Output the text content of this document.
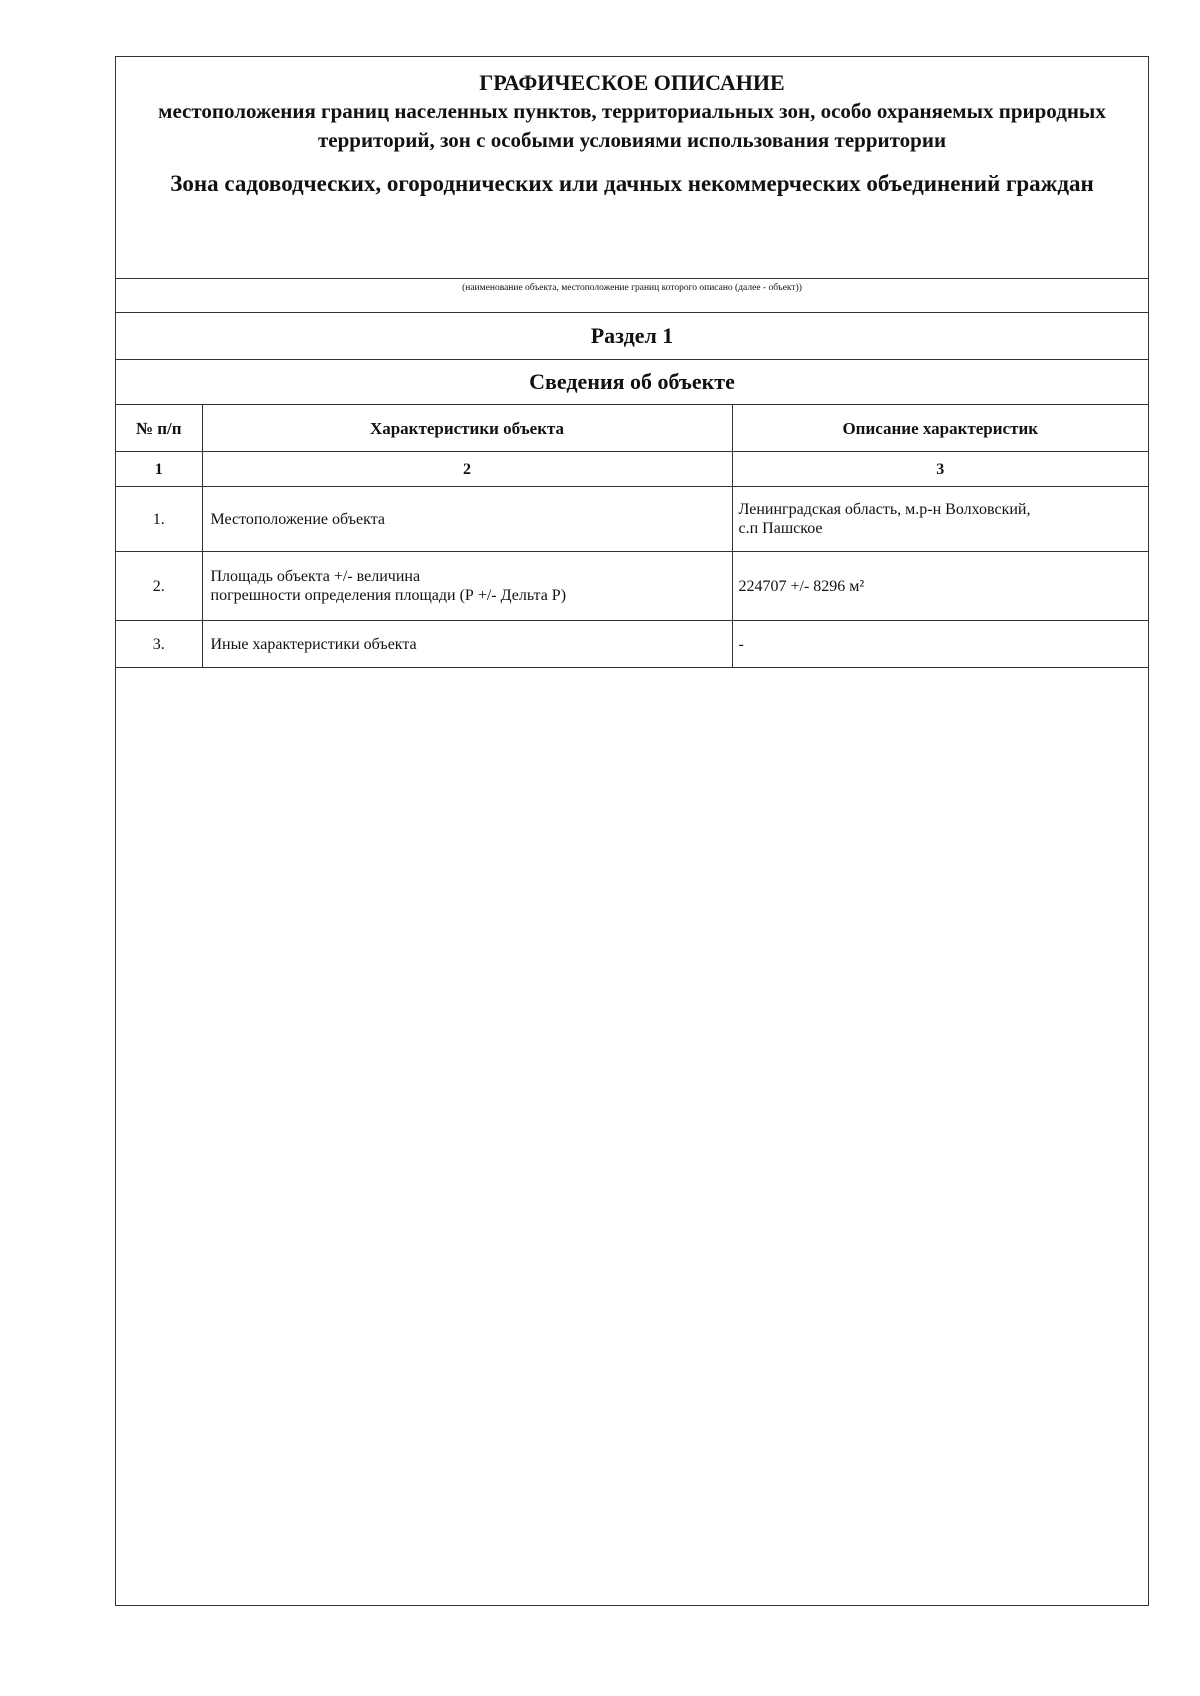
ГРАФИЧЕСКОЕ ОПИСАНИЕ
местоположения границ населенных пунктов, территориальных зон, особо охраняемых природных территорий, зон с особыми условиями использования территории
Зона садоводческих, огороднических или дачных некоммерческих объединений граждан
(наименование объекта, местоположение границ которого описано (далее - объект))
Раздел 1
Сведения об объекте
№ п/п	Характеристики объекта	Описание характеристик
1	2	3
1.	Местоположение объекта	Ленинградская область, м.р-н Волховский,
с.п Пашское

2.	Площадь объекта +/- величина
погрешности определения площади (Р +/- Дельта Р)	224707 +/- 8296 м²
3.	Иные характеристики объекта	-
